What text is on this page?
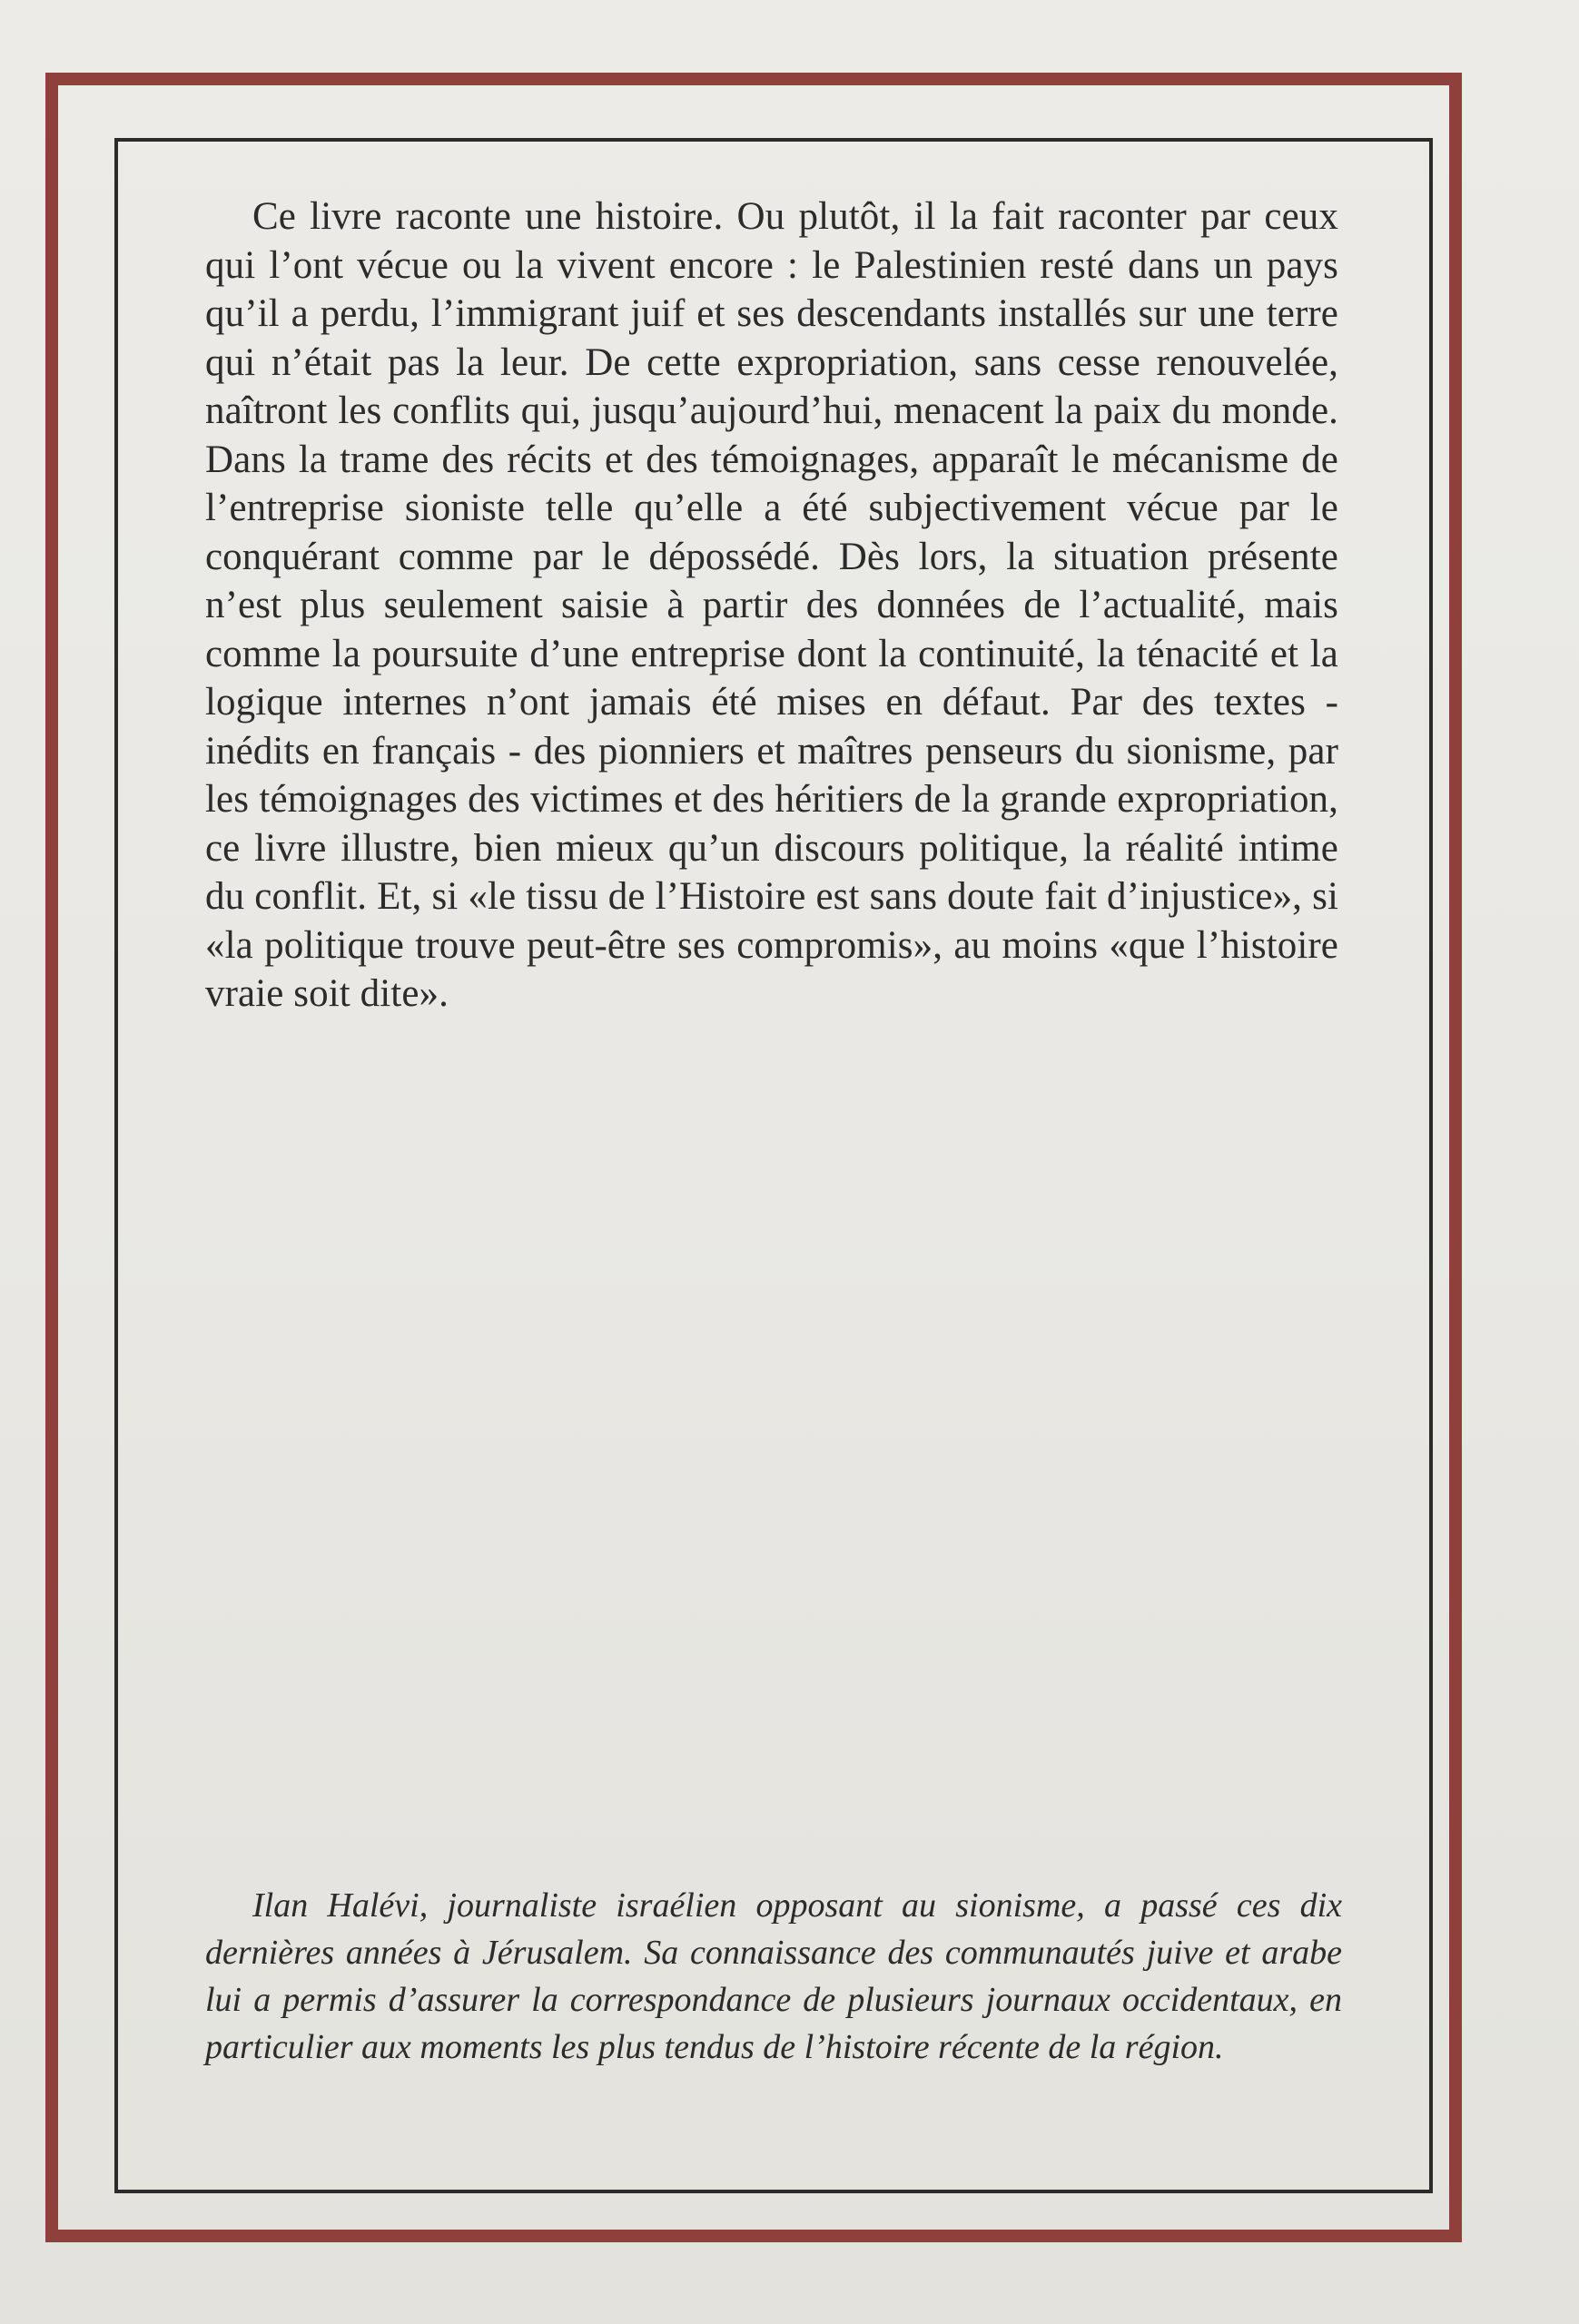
Ce livre raconte une histoire. Ou plutôt, il la fait raconter par ceux qui l’ont vécue ou la vivent encore : le Palestinien resté dans un pays qu’il a perdu, l’immigrant juif et ses descendants installés sur une terre qui n’était pas la leur. De cette expropriation, sans cesse renouvelée, naîtront les conflits qui, jusqu’aujourd’hui, menacent la paix du monde. Dans la trame des récits et des témoignages, apparaît le mécanisme de l’entreprise sioniste telle qu’elle a été subjectivement vécue par le conquérant comme par le dépossédé. Dès lors, la situation présente n’est plus seulement saisie à partir des données de l’actualité, mais comme la poursuite d’une entreprise dont la continuité, la ténacité et la logique internes n’ont jamais été mises en défaut. Par des textes - inédits en français - des pionniers et maîtres penseurs du sionisme, par les témoignages des victimes et des héritiers de la grande expropriation, ce livre illustre, bien mieux qu’un discours politique, la réalité intime du conflit. Et, si «le tissu de l’Histoire est sans doute fait d’injustice», si «la politique trouve peut-être ses compromis», au moins «que l’histoire vraie soit dite».

Ilan Halévi, journaliste israélien opposant au sionisme, a passé ces dix dernières années à Jérusalem. Sa connaissance des communautés juive et arabe lui a permis d’assurer la correspondance de plusieurs journaux occidentaux, en particulier aux moments les plus tendus de l’histoire récente de la région.
